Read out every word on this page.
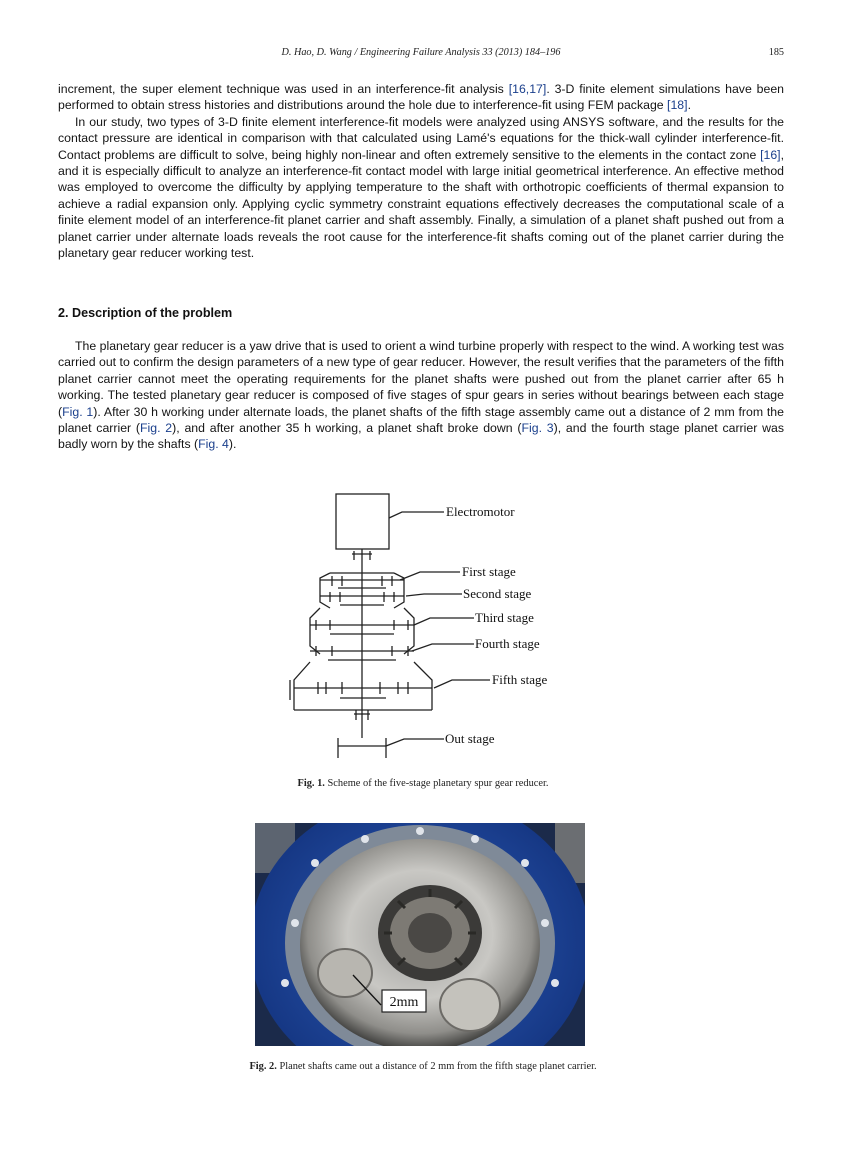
D. Hao, D. Wang / Engineering Failure Analysis 33 (2013) 184–196	185

increment, the super element technique was used in an interference-fit analysis [16,17]. 3-D finite element simulations have been performed to obtain stress histories and distributions around the hole due to interference-fit using FEM package [18].

In our study, two types of 3-D finite element interference-fit models were analyzed using ANSYS software, and the results for the contact pressure are identical in comparison with that calculated using Lamé's equations for the thick-wall cylinder interference-fit. Contact problems are difficult to solve, being highly non-linear and often extremely sensitive to the elements in the contact zone [16], and it is especially difficult to analyze an interference-fit contact model with large initial geometrical interference. An effective method was employed to overcome the difficulty by applying temperature to the shaft with orthotropic coefficients of thermal expansion to achieve a radial expansion only. Applying cyclic symmetry constraint equations effectively decreases the computational scale of a finite element model of an interference-fit planet carrier and shaft assembly. Finally, a simulation of a planet shaft pushed out from a planet carrier under alternate loads reveals the root cause for the interference-fit shafts coming out of the planet carrier during the planetary gear reducer working test.

2. Description of the problem

The planetary gear reducer is a yaw drive that is used to orient a wind turbine properly with respect to the wind. A working test was carried out to confirm the design parameters of a new type of gear reducer. However, the result verifies that the parameters of the fifth planet carrier cannot meet the operating requirements for the planet shafts were pushed out from the planet carrier after 65 h working. The tested planetary gear reducer is composed of five stages of spur gears in series without bearings between each stage (Fig. 1). After 30 h working under alternate loads, the planet shafts of the fifth stage assembly came out a distance of 2 mm from the planet carrier (Fig. 2), and after another 35 h working, a planet shaft broke down (Fig. 3), and the fourth stage planet carrier was badly worn by the shafts (Fig. 4).

Electromotor
First stage
Second stage
Third stage
Fourth stage
Fifth stage
Out stage
Fig. 1. Scheme of the five-stage planetary spur gear reducer.
2mm
Fig. 2. Planet shafts came out a distance of 2 mm from the fifth stage planet carrier.
